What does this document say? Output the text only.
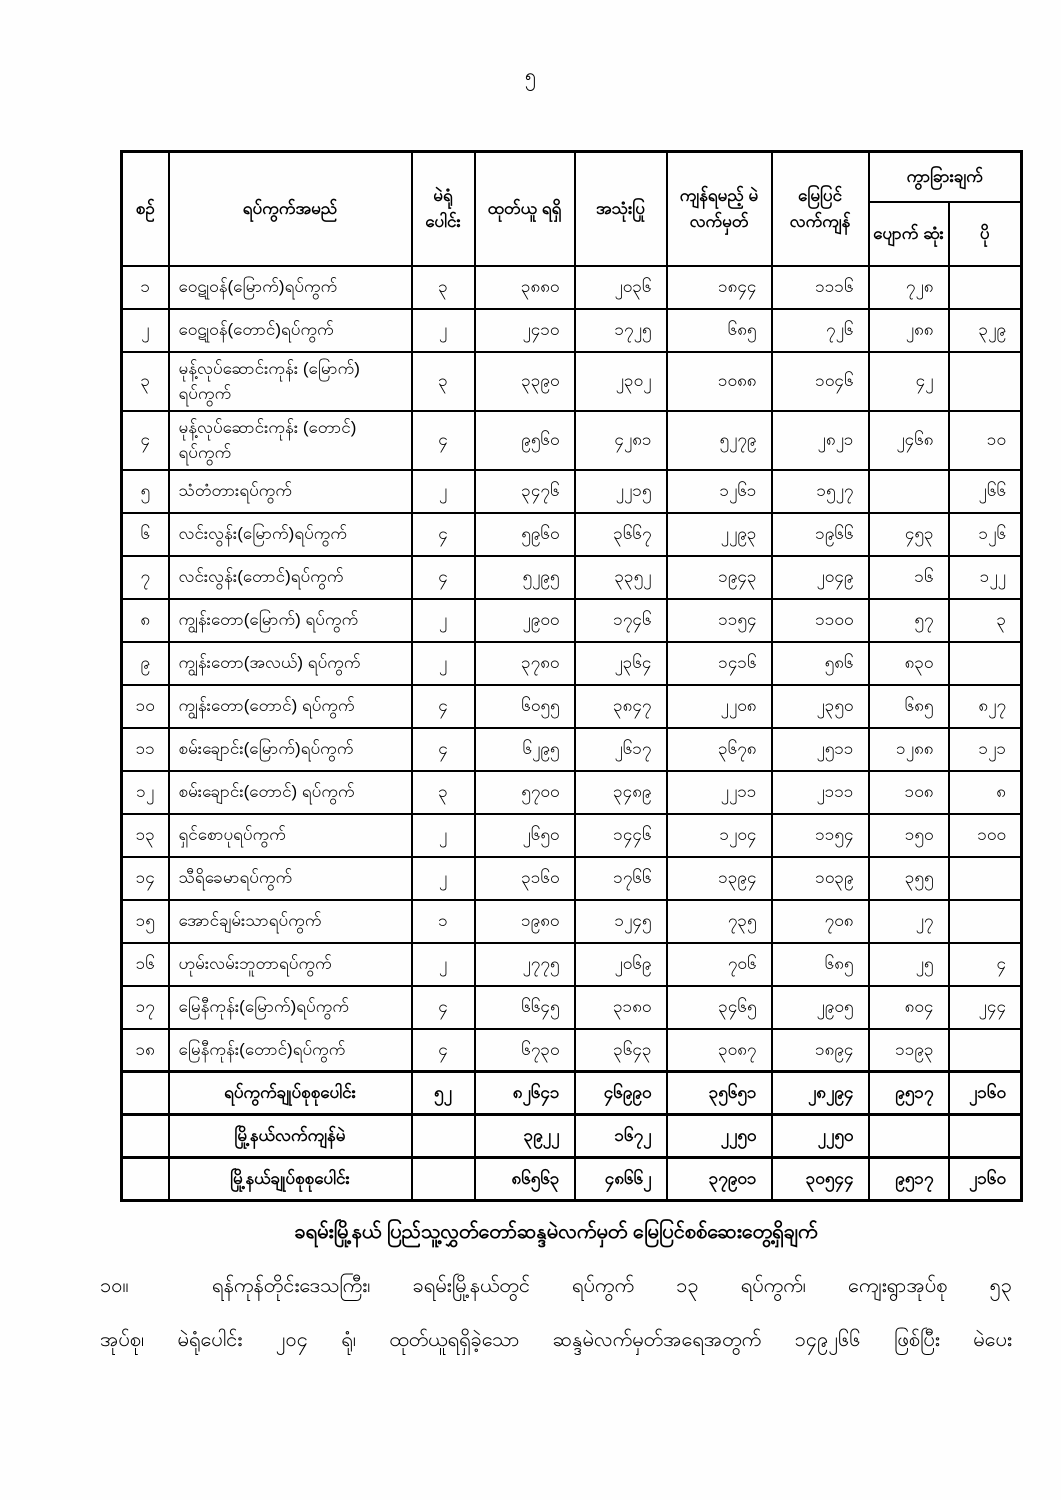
၅
စဉ်	ရပ်ကွက်အမည်	မဲရုံ ပေါင်း	ထုတ်ယူ ရရှိ	အသုံးပြု	ကျန်ရမည့် မဲလက်မှတ်	မြေပြင် လက်ကျန်	ကွာခြားချက်	
							ပျောက် ဆုံး	ပို
၁	ဝေဋုဝန်(မြောက်)ရပ်ကွက်	၃	၃၈၈၀	၂၀၃၆	၁၈၄၄	၁၁၁၆	၇၂၈	
၂	ဝေဋုဝန်(တောင်)ရပ်ကွက်	၂	၂၄၁၀	၁၇၂၅	၆၈၅	၇၂၆	၂၈၈	၃၂၉
၃	မုန့်လုပ်ဆောင်းကုန်း (မြောက်) ရပ်ကွက်	၃	၃၃၉၀	၂၃၀၂	၁၀၈၈	၁၀၄၆	၄၂	
၄	မုန့်လုပ်ဆောင်းကုန်း (တောင်) ရပ်ကွက်	၄	၉၅၆၀	၄၂၈၁	၅၂၇၉	၂၈၂၁	၂၄၆၈	၁၀
၅	သံတံတားရပ်ကွက်	၂	၃၄၇၆	၂၂၁၅	၁၂၆၁	၁၅၂၇		၂၆၆
၆	လင်းလွန်း(မြောက်)ရပ်ကွက်	၄	၅၉၆၀	၃၆၆၇	၂၂၉၃	၁၉၆၆	၄၅၃	၁၂၆
၇	လင်းလွန်း(တောင်)ရပ်ကွက်	၄	၅၂၉၅	၃၃၅၂	၁၉၄၃	၂၀၄၉	၁၆	၁၂၂
၈	ကျွန်းတော(မြောက်) ရပ်ကွက်	၂	၂၉၀၀	၁၇၄၆	၁၁၅၄	၁၁၀၀	၅၇	၃
၉	ကျွန်းတော(အလယ်) ရပ်ကွက်	၂	၃၇၈၀	၂၃၆၄	၁၄၁၆	၅၈၆	၈၃၀	
၁၀	ကျွန်းတော(တောင်) ရပ်ကွက်	၄	၆၀၅၅	၃၈၄၇	၂၂၀၈	၂၃၅၀	၆၈၅	၈၂၇
၁၁	စမ်းချောင်း(မြောက်)ရပ်ကွက်	၄	၆၂၉၅	၂၆၁၇	၃၆၇၈	၂၅၁၁	၁၂၈၈	၁၂၁
၁၂	စမ်းချောင်း(တောင်) ရပ်ကွက်	၃	၅၇၀၀	၃၄၈၉	၂၂၁၁	၂၁၁၁	၁၀၈	၈
၁၃	ရှင်စောပုရပ်ကွက်	၂	၂၆၅၀	၁၄၄၆	၁၂၀၄	၁၁၅၄	၁၅၀	၁၀၀
၁၄	သီရိခေမာရပ်ကွက်	၂	၃၁၆၀	၁၇၆၆	၁၃၉၄	၁၀၃၉	၃၅၅	
၁၅	အောင်ချမ်းသာရပ်ကွက်	၁	၁၉၈၀	၁၂၄၅	၇၃၅	၇၀၈	၂၇	
၁၆	ဟုမ်းလမ်းဘူတာရပ်ကွက်	၂	၂၇၇၅	၂၀၆၉	၇၀၆	၆၈၅	၂၅	၄
၁၇	မြေနီကုန်း(မြောက်)ရပ်ကွက်	၄	၆၆၄၅	၃၁၈၀	၃၄၆၅	၂၉၀၅	၈၀၄	၂၄၄
၁၈	မြေနီကုန်း(တောင်)ရပ်ကွက်	၄	၆၇၃၀	၃၆၄၃	၃၀၈၇	၁၈၉၄	၁၁၉၃	
	ရပ်ကွက်ချုပ်စုစုပေါင်း	၅၂	၈၂၆၄၁	၄၆၉၉၀	၃၅၆၅၁	၂၈၂၉၄	၉၅၁၇	၂၁၆၀
	မြို့နယ်လက်ကျန်မဲ		၃၉၂၂	၁၆၇၂	၂၂၅၀	၂၂၅၀		
	မြို့နယ်ချုပ်စုစုပေါင်း		၈၆၅၆၃	၄၈၆၆၂	၃၇၉၀၁	၃၀၅၄၄	၉၅၁၇	၂၁၆၀
ခရမ်းမြို့နယ် ပြည်သူ့လွှတ်တော်ဆန္ဒမဲလက်မှတ် မြေပြင်စစ်ဆေးတွေ့ရှိချက်
၁၀။	ရန်ကုန်တိုင်းဒေသကြီး၊ ခရမ်းမြို့နယ်တွင် ရပ်ကွက် ၁၃ ရပ်ကွက်၊ ကျေးရွာအုပ်စု ၅၃
အုပ်စု၊ မဲရုံပေါင်း ၂၀၄ ရုံ၊ ထုတ်ယူရရှိခဲ့သော ဆန္ဒမဲလက်မှတ်အရေအတွက် ၁၄၉၂၆၆ ဖြစ်ပြီး မဲပေး
